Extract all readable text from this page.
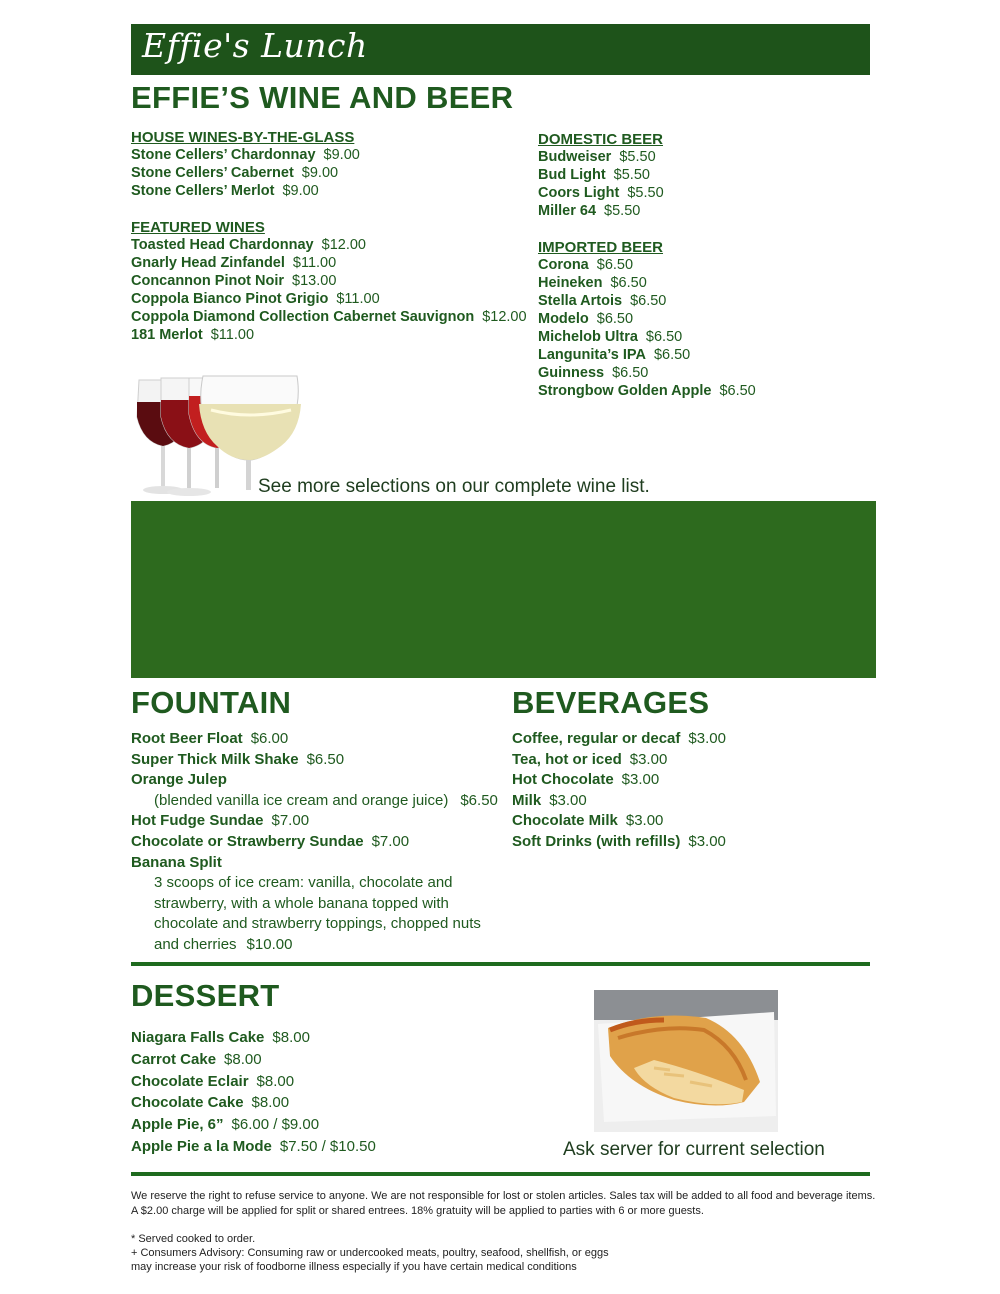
Effie's Lunch
EFFIE’S WINE AND BEER
HOUSE WINES-BY-THE-GLASS
Stone Cellers’ Chardonnay $9.00
Stone Cellers’ Cabernet $9.00
Stone Cellers’ Merlot $9.00
FEATURED WINES
Toasted Head Chardonnay $12.00
Gnarly Head Zinfandel $11.00
Concannon Pinot Noir $13.00
Coppola Bianco Pinot Grigio $11.00
Coppola Diamond Collection Cabernet Sauvignon $12.00
181 Merlot $11.00
DOMESTIC BEER
Budweiser $5.50
Bud Light $5.50
Coors Light $5.50
Miller 64 $5.50
IMPORTED BEER
Corona $6.50
Heineken $6.50
Stella Artois $6.50
Modelo $6.50
Michelob Ultra $6.50
Langunita’s IPA $6.50
Guinness $6.50
Strongbow Golden Apple $6.50
See more selections on our complete wine list.
FOUNTAIN
Root Beer Float $6.00
Super Thick Milk Shake $6.50
Orange Julep
(blended vanilla ice cream and orange juice) $6.50
Hot Fudge Sundae $7.00
Chocolate or Strawberry Sundae $7.00
Banana Split
3 scoops of ice cream: vanilla, chocolate and
strawberry, with a whole banana topped with
chocolate and strawberry toppings, chopped nuts
and cherries $10.00
BEVERAGES
Coffee, regular or decaf $3.00
Tea, hot or iced $3.00
Hot Chocolate $3.00
Milk $3.00
Chocolate Milk $3.00
Soft Drinks (with refills) $3.00
DESSERT
Niagara Falls Cake $8.00
Carrot Cake $8.00
Chocolate Eclair $8.00
Chocolate Cake $8.00
Apple Pie, 6” $6.00 / $9.00
Apple Pie a la Mode $7.50 / $10.50	Ask server for current selection
We reserve the right to refuse service to anyone. We are not responsible for lost or stolen articles. Sales tax will be added to all food and beverage items.
A $2.00 charge will be applied for split or shared entrees. 18% gratuity will be applied to parties with 6 or more guests.
* Served cooked to order.
+ Consumers Advisory: Consuming raw or undercooked meats, poultry, seafood, shellfish, or eggs
may increase your risk of foodborne illness especially if you have certain medical conditions
